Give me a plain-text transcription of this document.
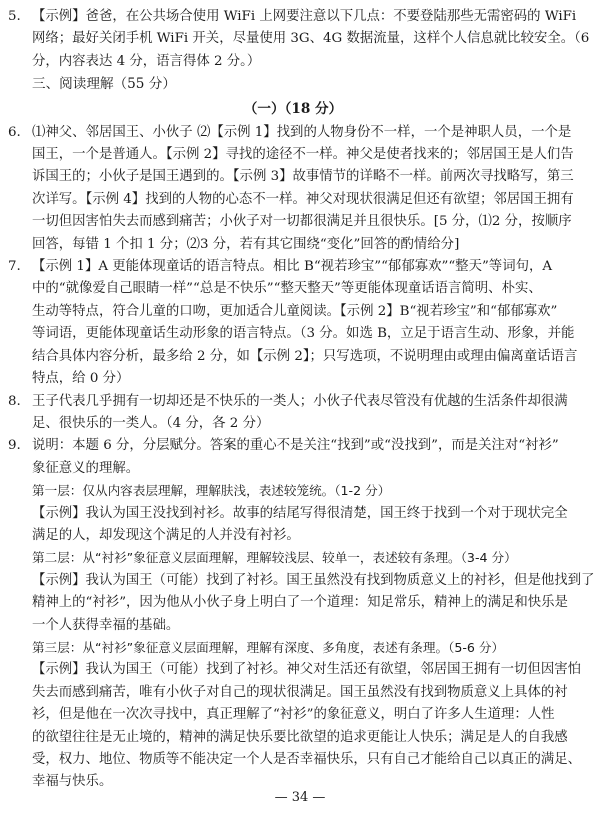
5. 【示例】爸爸，在公共场合使用 WiFi 上网要注意以下几点：不要登陆那些无需密码的 WiFi
网络；最好关闭手机 WiFi 开关，尽量使用 3G、4G 数据流量，这样个人信息就比较安全。（6
分，内容表达 4 分，语言得体 2 分。）

三、阅读理解（55 分）

（一）（18 分）

6. ⑴神父、邻居国王、小伙子 ⑵【示例 1】找到的人物身份不一样，一个是神职人员，一个是
国王，一个是普通人。【示例 2】寻找的途径不一样。神父是使者找来的；邻居国王是人们告
诉国王的；小伙子是国王遇到的。【示例 3】故事情节的详略不一样。前两次寻找略写，第三
次详写。【示例 4】找到的人物的心态不一样。神父对现状很满足但还有欲望；邻居国王拥有
一切但因害怕失去而感到痛苦；小伙子对一切都很满足并且很快乐。[5 分，⑴2 分，按顺序
回答，每错 1 个扣 1 分；⑵3 分，若有其它围绕“变化”回答的酌情给分]
7. 【示例 1】A 更能体现童话的语言特点。相比 B“视若珍宝”“郁郁寡欢”“整天”等词句，A
中的“就像爱自己眼睛一样”“总是不快乐”“整天整天”等更能体现童话语言简明、朴实、
生动等特点，符合儿童的口吻，更加适合儿童阅读。【示例 2】B“视若珍宝”和“郁郁寡欢”
等词语，更能体现童话生动形象的语言特点。（3 分。如选 B，立足于语言生动、形象，并能
结合具体内容分析，最多给 2 分，如【示例 2】；只写选项，不说明理由或理由偏离童话语言
特点，给 0 分）
8. 王子代表几乎拥有一切却还是不快乐的一类人；小伙子代表尽管没有优越的生活条件却很满
足、很快乐的一类人。（4 分，各 2 分）
9. 说明：本题 6 分，分层赋分。答案的重心不是关注“找到”或“没找到”，而是关注对“衬衫”
象征意义的理解。

第一层：仅从内容表层理解，理解肤浅，表述较笼统。（1-2 分）

【示例】我认为国王没找到衬衫。故事的结尾写得很清楚，国王终于找到一个对于现状完全

满足的人，却发现这个满足的人并没有衬衫。

第二层：从“衬衫”象征意义层面理解，理解较浅层、较单一，表述较有条理。（3-4 分）

【示例】我认为国王（可能）找到了衬衫。国王虽然没有找到物质意义上的衬衫，但是他找到了

精神上的“衬衫”，因为他从小伙子身上明白了一个道理：知足常乐，精神上的满足和快乐是

一个人获得幸福的基础。

第三层：从“衬衫”象征意义层面理解，理解有深度、多角度，表述有条理。（5-6 分）

【示例】我认为国王（可能）找到了衬衫。神父对生活还有欲望，邻居国王拥有一切但因害怕

失去而感到痛苦，唯有小伙子对自己的现状很满足。国王虽然没有找到物质意义上具体的衬

衫，但是他在一次次寻找中，真正理解了“衬衫”的象征意义，明白了许多人生道理：人性

的欲望往往是无止境的，精神的满足快乐要比欲望的追求更能让人快乐；满足是人的自我感

受，权力、地位、物质等不能决定一个人是否幸福快乐，只有自己才能给自己以真正的满足、

幸福与快乐。

— 34 —
